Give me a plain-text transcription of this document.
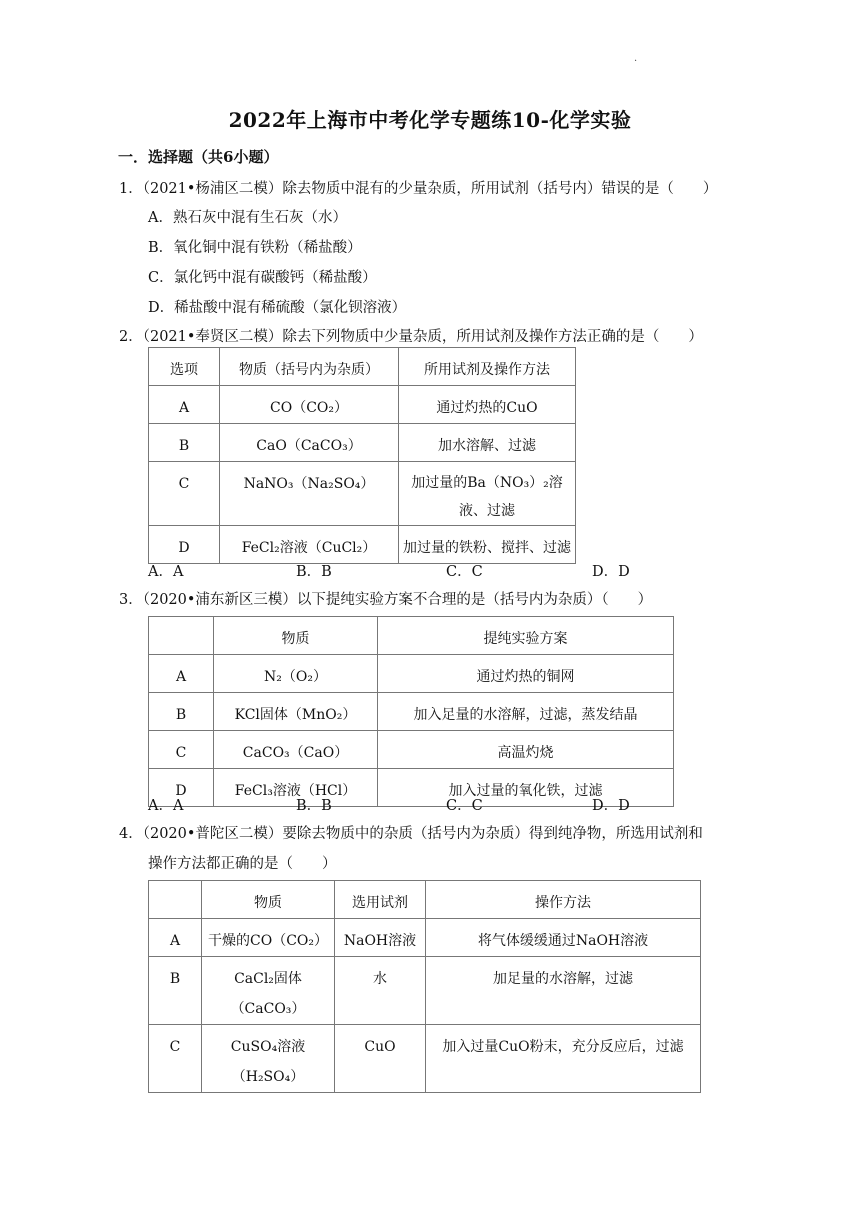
·
2022年上海市中考化学专题练10-化学实验
一．选择题（共6小题）
1．（2021•杨浦区二模）除去物质中混有的少量杂质，所用试剂（括号内）错误的是（　　）
A．熟石灰中混有生石灰（水）
B．氧化铜中混有铁粉（稀盐酸）
C．氯化钙中混有碳酸钙（稀盐酸）
D．稀盐酸中混有稀硫酸（氯化钡溶液）
2．（2021•奉贤区二模）除去下列物质中少量杂质，所用试剂及操作方法正确的是（　　）
选项	物质（括号内为杂质）	所用试剂及操作方法

A	CO（CO₂）	通过灼热的CuO

B	CaO（CaCO₃）	加水溶解、过滤

C	NaNO₃（Na₂SO₄）	加过量的Ba（NO₃）₂溶液、过滤

D	FeCl₂溶液（CuCl₂）	加过量的铁粉、搅拌、过滤
A．A	B．B	C．C	D．D
3．（2020•浦东新区三模）以下提纯实验方案不合理的是（括号内为杂质）（　　）

	物质	提纯实验方案

A	N₂（O₂）	通过灼热的铜网

B	KCl固体（MnO₂）	加入足量的水溶解，过滤，蒸发结晶

C	CaCO₃（CaO）	高温灼烧

D	FeCl₃溶液（HCl）	加入过量的氧化铁，过滤
A．A	B．B	C．C	D．D
4．（2020•普陀区二模）要除去物质中的杂质（括号内为杂质）得到纯净物，所选用试剂和
操作方法都正确的是（　　）

	物质	选用试剂	操作方法

A	干燥的CO（CO₂）	NaOH溶液	将气体缓缓通过NaOH溶液

B	CaCl₂固体（CaCO₃）	水	加足量的水溶解，过滤

C	CuSO₄溶液（H₂SO₄）	CuO	加入过量CuO粉末，充分反应后，过滤
